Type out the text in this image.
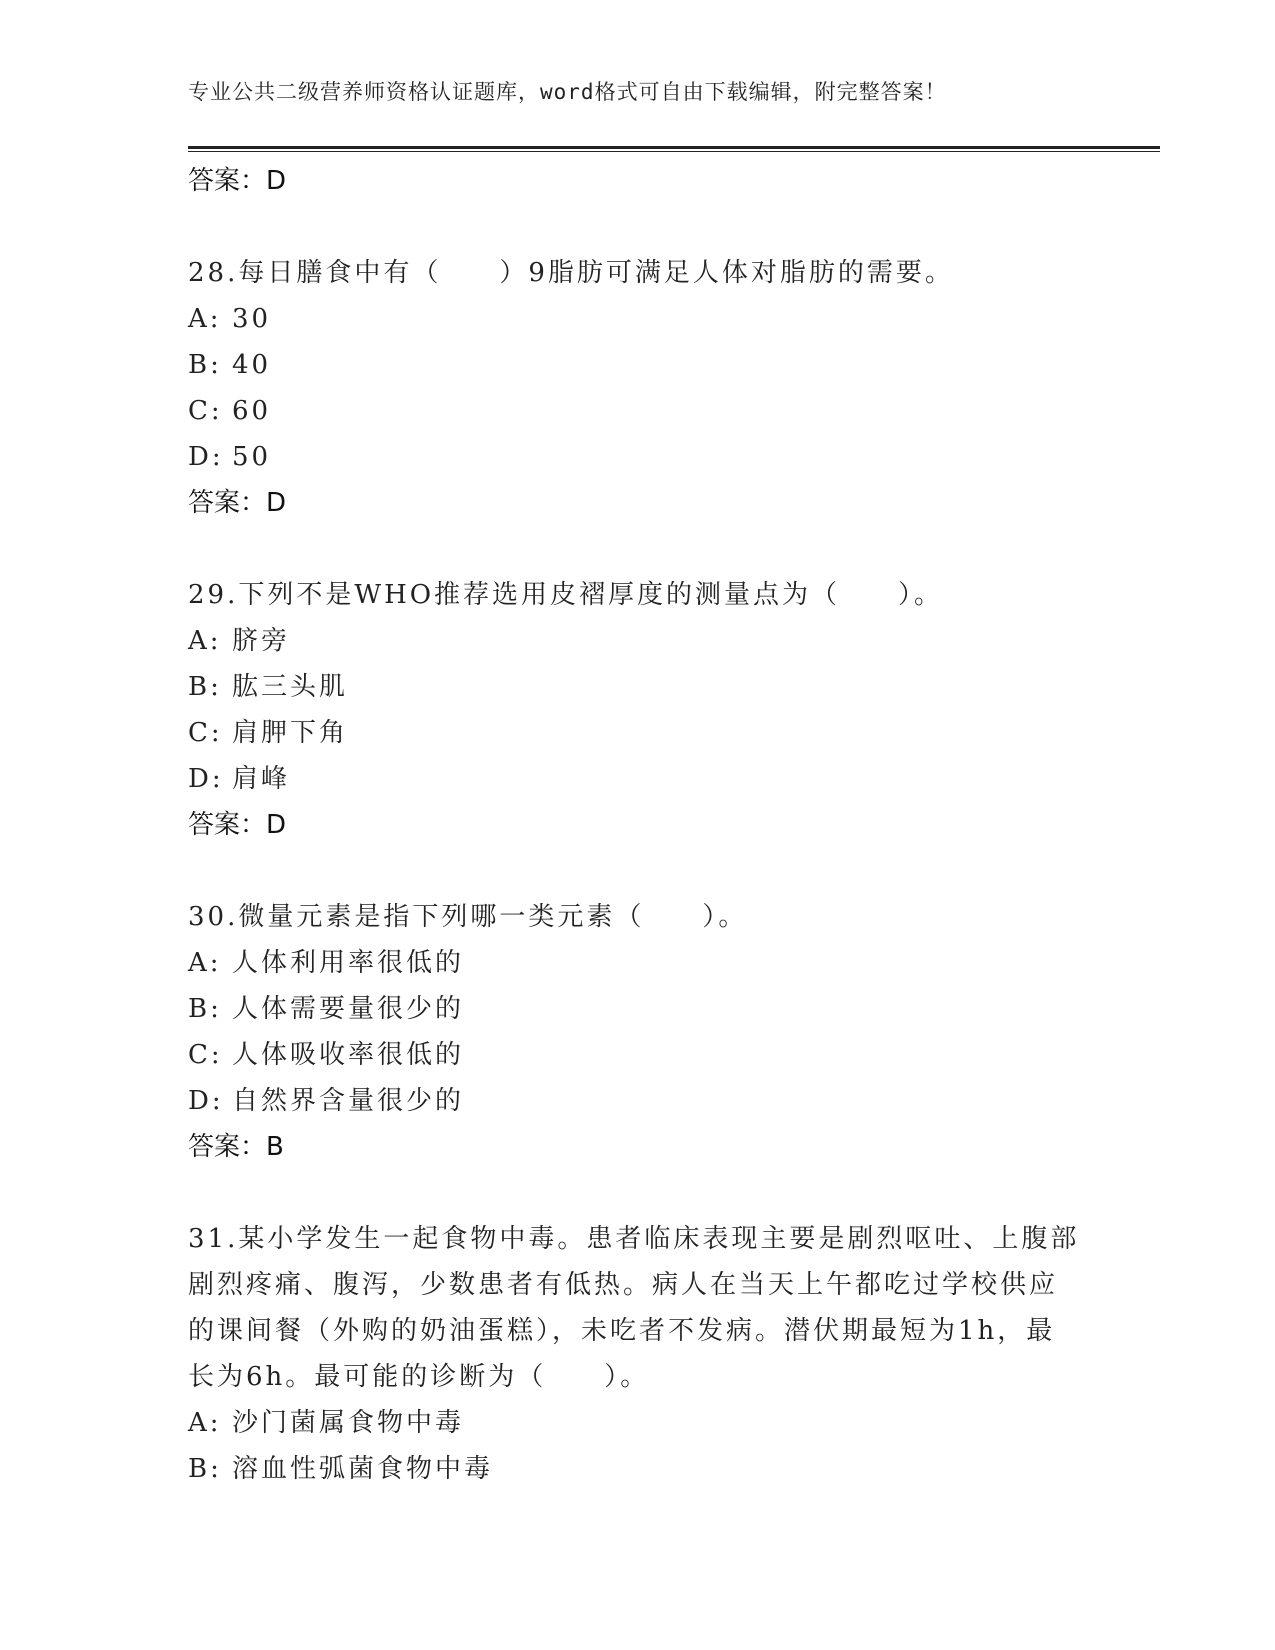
专业公共二级营养师资格认证题库，word格式可自由下载编辑，附完整答案！
答案：D
28.每日膳食中有（　　）9脂肪可满足人体对脂肪的需要。
A: 30
B: 40
C: 60
D: 50
答案：D
29.下列不是WHO推荐选用皮褶厚度的测量点为（　　）。
A: 脐旁
B: 肱三头肌
C: 肩胛下角
D: 肩峰
答案：D
30.微量元素是指下列哪一类元素（　　）。
A: 人体利用率很低的
B: 人体需要量很少的
C: 人体吸收率很低的
D: 自然界含量很少的
答案：B
31.某小学发生一起食物中毒。患者临床表现主要是剧烈呕吐、上腹部
剧烈疼痛、腹泻，少数患者有低热。病人在当天上午都吃过学校供应
的课间餐（外购的奶油蛋糕），未吃者不发病。潜伏期最短为1h，最
长为6h。最可能的诊断为（　　）。
A: 沙门菌属食物中毒
B: 溶血性弧菌食物中毒
